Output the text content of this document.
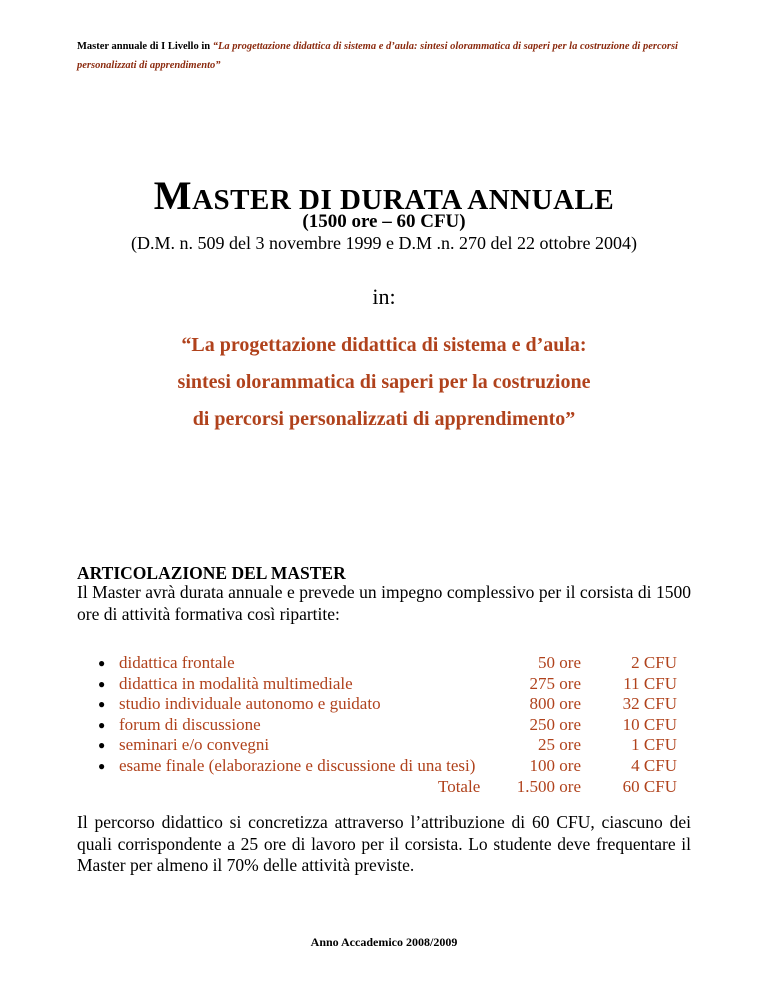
Master annuale di I Livello in “La progettazione didattica di sistema e d’aula: sintesi olorammatica di saperi per la costruzione di percorsi personalizzati di apprendimento”
MASTER DI DURATA ANNUALE
(1500 ore – 60 CFU)
(D.M. n. 509 del 3 novembre 1999 e D.M .n. 270 del 22 ottobre 2004)
in:
“La progettazione didattica di sistema e d’aula:
sintesi olorammatica di saperi per la costruzione
di percorsi personalizzati di apprendimento”
ARTICOLAZIONE DEL MASTER
Il Master avrà durata annuale e prevede un impegno complessivo per il corsista di 1500 ore di attività formativa così ripartite:
● didattica frontale	50 ore	2 CFU
● didattica in modalità multimediale	275 ore	11 CFU
● studio individuale autonomo e guidato	800 ore	32 CFU
● forum di discussione	250 ore	10 CFU
● seminari e/o convegni	25 ore	1 CFU
● esame finale (elaborazione e discussione di una tesi)	100 ore	4 CFU
Totale	1.500 ore	60 CFU
Il percorso didattico si concretizza attraverso l’attribuzione di 60 CFU, ciascuno dei quali corrispondente a 25 ore di lavoro per il corsista. Lo studente deve frequentare il Master per almeno il 70% delle attività previste.
Anno Accademico 2008/2009
